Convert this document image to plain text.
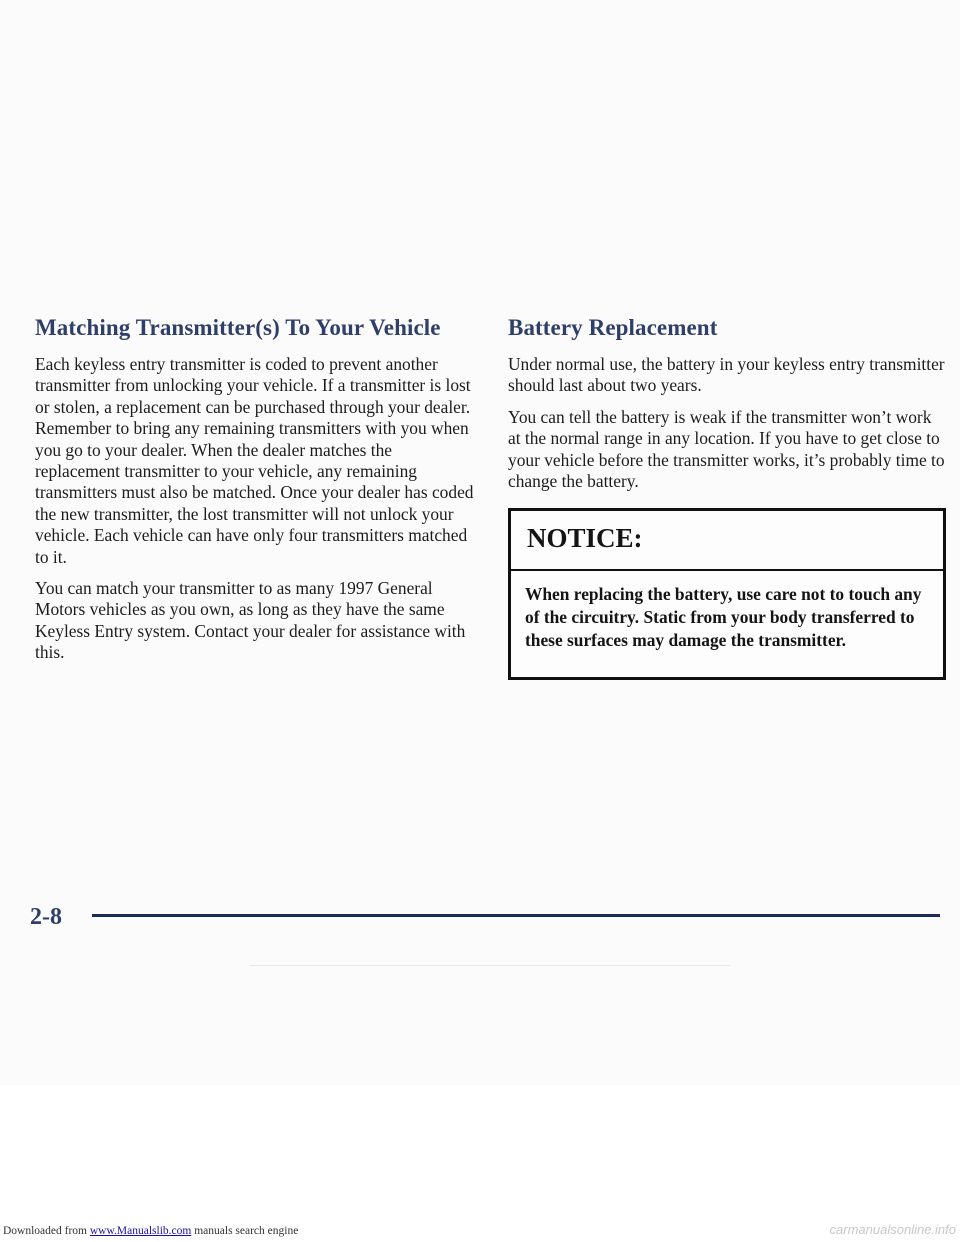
Matching Transmitter(s) To Your Vehicle

Each keyless entry transmitter is coded to prevent another transmitter from unlocking your vehicle. If a transmitter is lost or stolen, a replacement can be purchased through your dealer. Remember to bring any remaining transmitters with you when you go to your dealer. When the dealer matches the replacement transmitter to your vehicle, any remaining transmitters must also be matched. Once your dealer has coded the new transmitter, the lost transmitter will not unlock your vehicle. Each vehicle can have only four transmitters matched to it.

You can match your transmitter to as many 1997 General Motors vehicles as you own, as long as they have the same Keyless Entry system. Contact your dealer for assistance with this.

Battery Replacement

Under normal use, the battery in your keyless entry transmitter should last about two years.

You can tell the battery is weak if the transmitter won’t work at the normal range in any location. If you have to get close to your vehicle before the transmitter works, it’s probably time to change the battery.

NOTICE:
When replacing the battery, use care not to touch any of the circuitry. Static from your body transferred to these surfaces may damage the transmitter.
2-8
Downloaded from www.Manualslib.com manuals search engine	carmanualsonline.info
